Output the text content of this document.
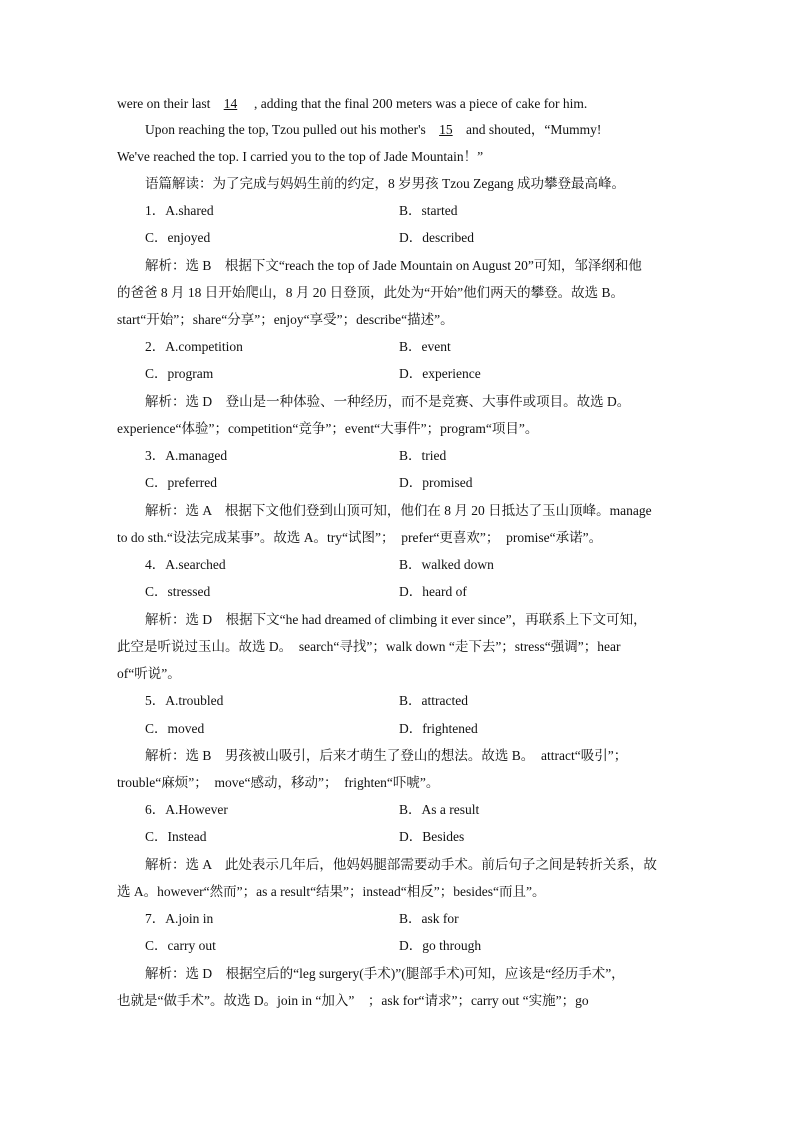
were on their last 14 , adding that the final 200 meters was a piece of cake for him.
Upon reaching the top, Tzou pulled out his mother's 15 and shouted，“Mummy!
We've reached the top. I carried you to the top of Jade Mountain！”
语篇解读：为了完成与妈妈生前的约定，8 岁男孩 Tzou Zegang 成功攀登最高峰。
1．A.shared	B．started
C．enjoyed	D．described
解析：选 B　根据下文“reach the top of Jade Mountain on August 20”可知，邹泽纲和他
的爸爸 8 月 18 日开始爬山，8 月 20 日登顶，此处为“开始”他们两天的攀登。故选 B。
start“开始”；share“分享”；enjoy“享受”；describe“描述”。
2．A.competition	B．event
C．program	D．experience
解析：选 D　登山是一种体验、一种经历，而不是竞赛、大事件或项目。故选 D。
experience“体验”；competition“竞争”；event“大事件”；program“项目”。
3．A.managed	B．tried
C．preferred	D．promised
解析：选 A　根据下文他们登到山顶可知，他们在 8 月 20 日抵达了玉山顶峰。manage
to do sth.“设法完成某事”。故选 A。try“试图”；　prefer“更喜欢”；　promise“承诺”。
4．A.searched	B．walked down
C．stressed	D．heard of
解析：选 D　根据下文“he had dreamed of climbing it ever since”，再联系上下文可知，
此空是听说过玉山。故选 D。　search“寻找”；walk down “走下去”；stress“强调”；hear
of“听说”。
5．A.troubled	B．attracted
C．moved	D．frightened
解析：选 B　男孩被山吸引，后来才萌生了登山的想法。故选 B。　attract“吸引”；
trouble“麻烦”；　move“感动，移动”；　frighten“吓唬”。
6．A.However	B．As a result
C．Instead	D．Besides
解析：选 A　此处表示几年后，他妈妈腿部需要动手术。前后句子之间是转折关系，故
选 A。however“然而”；as a result“结果”；instead“相反”；besides“而且”。
7．A.join in	B．ask for
C．carry out	D．go through
解析：选 D　根据空后的“leg surgery(手术)”(腿部手术)可知，应该是“经历手术”，
也就是“做手术”。故选 D。join in “加入”　；ask for“请求”；carry out “实施”；go
